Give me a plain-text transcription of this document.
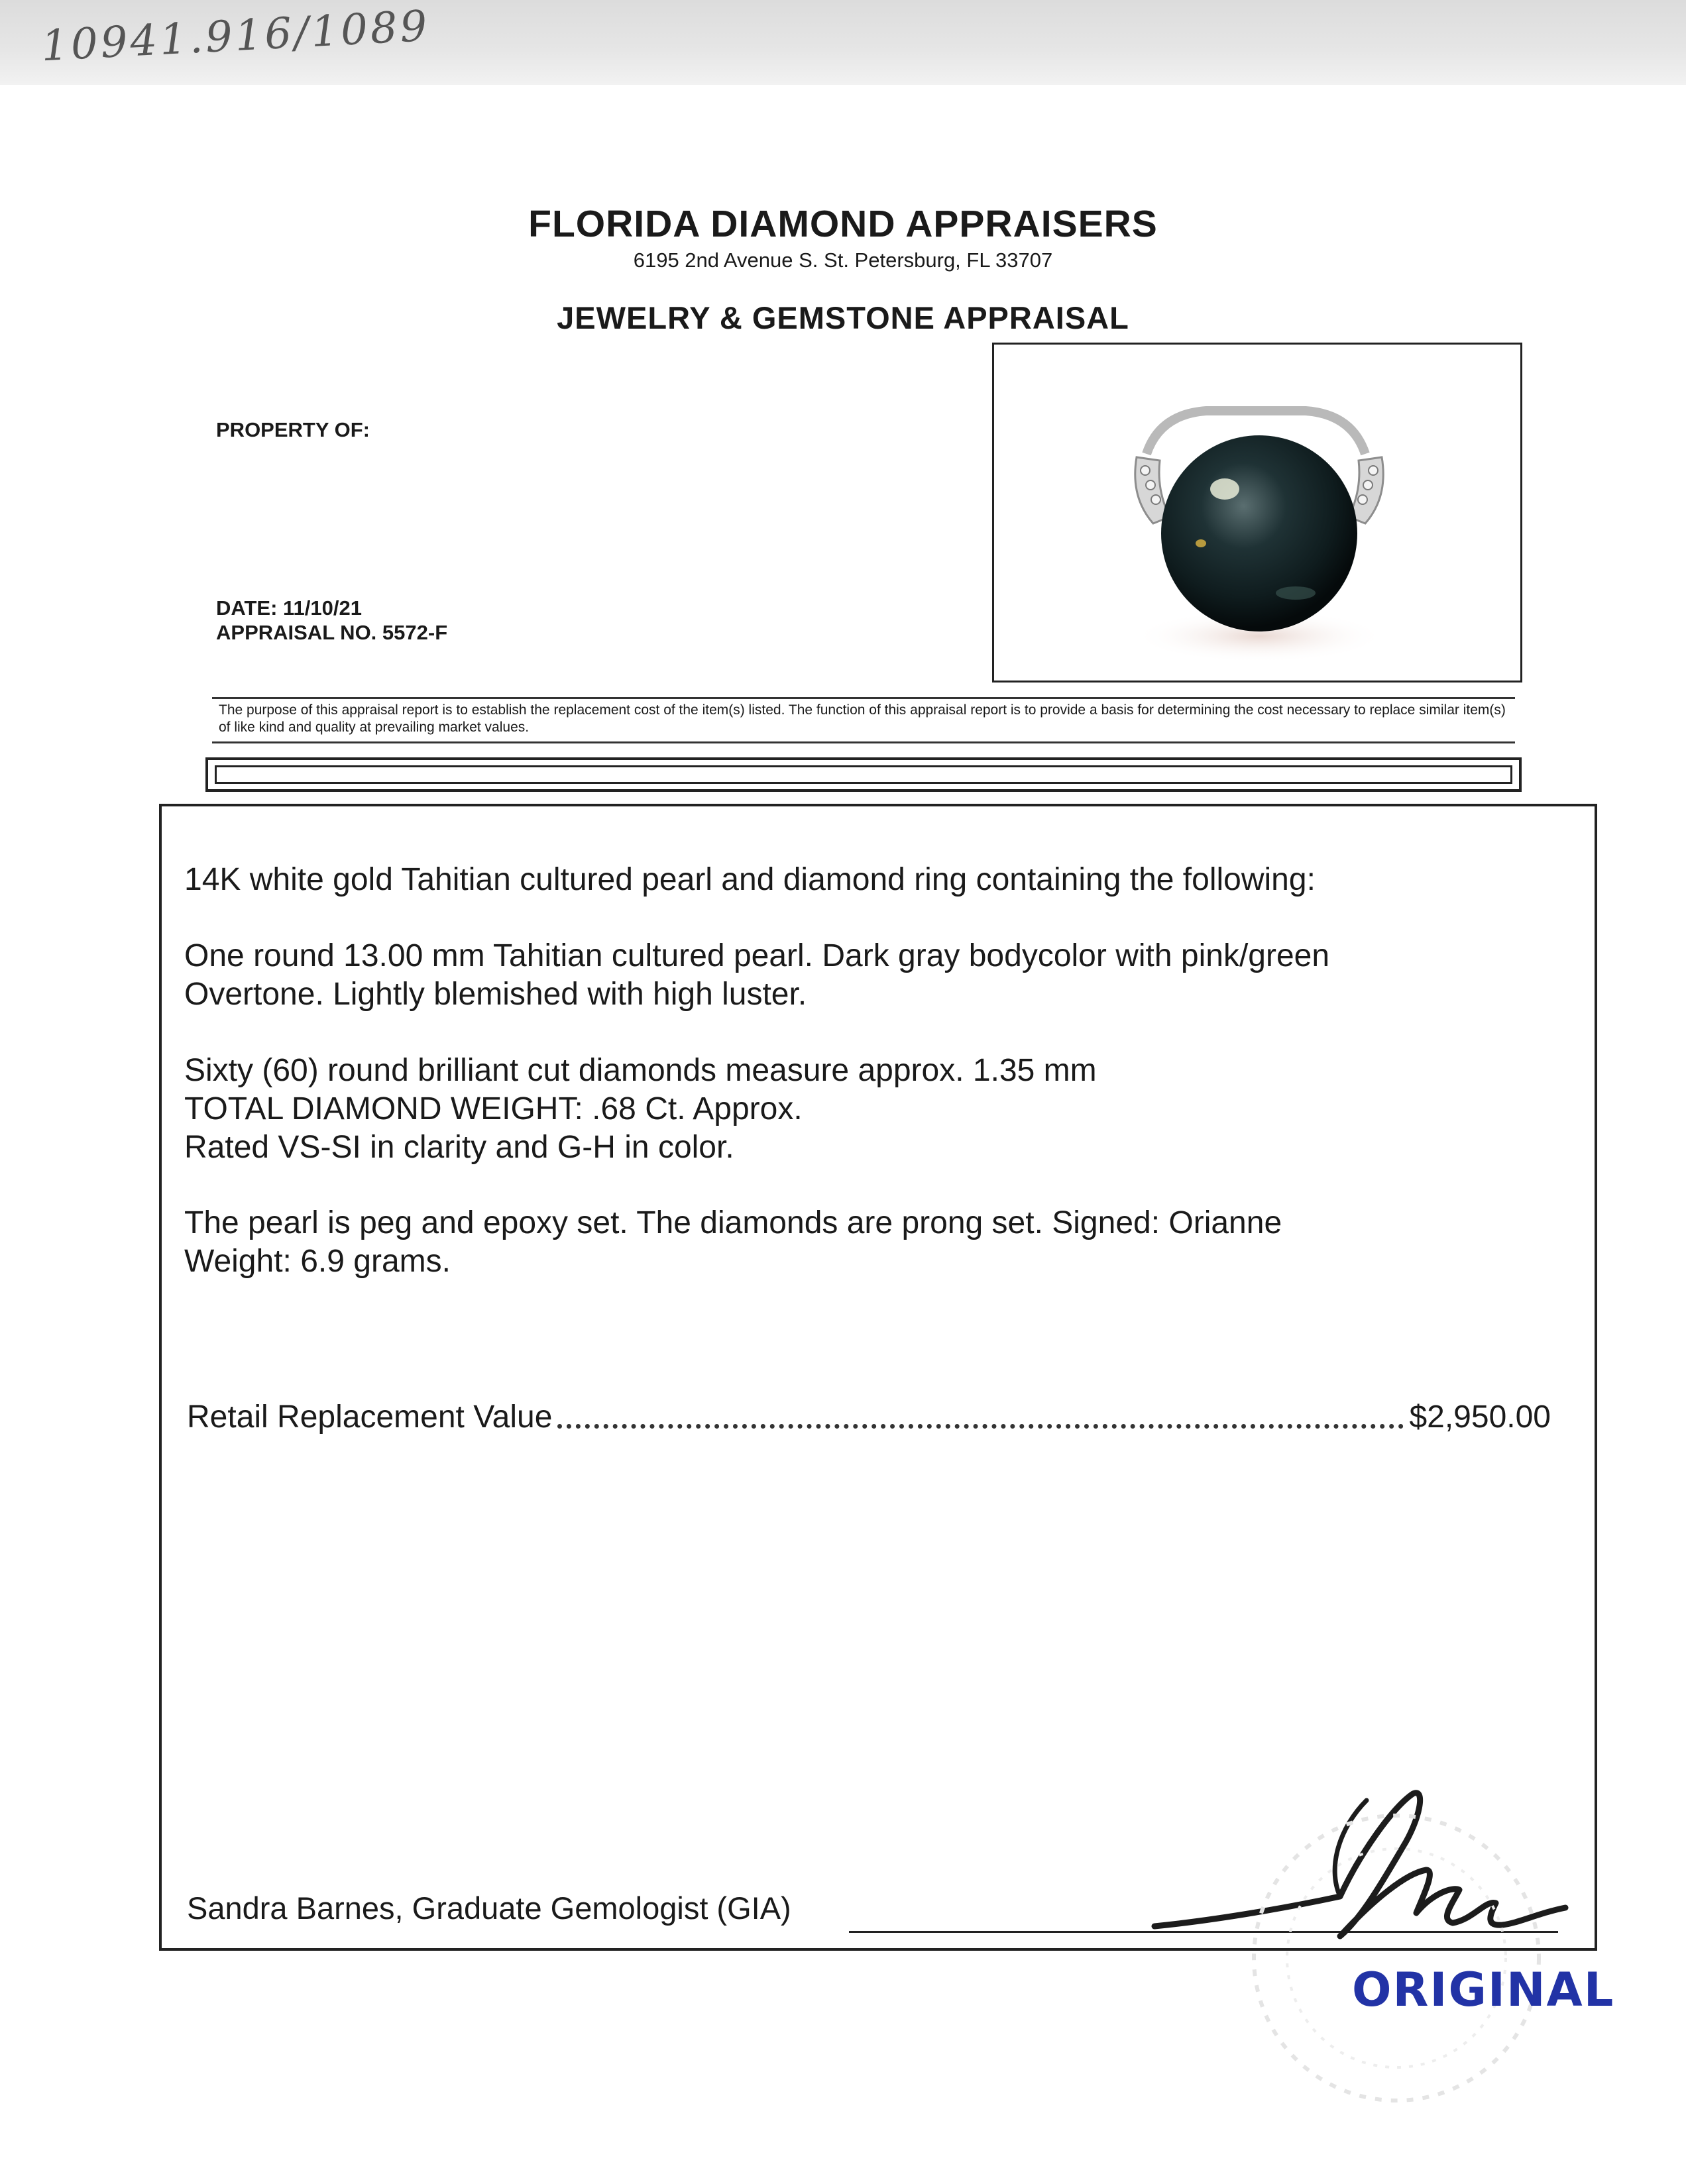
10941.916/1089
FLORIDA DIAMOND APPRAISERS
6195 2nd Avenue S. St. Petersburg, FL 33707
JEWELRY & GEMSTONE APPRAISAL
PROPERTY OF:
DATE: 11/10/21
APPRAISAL NO. 5572-F
The purpose of this appraisal report is to establish the replacement cost of the item(s) listed. The function of this appraisal report is to provide a basis for determining the cost necessary to replace similar item(s) of like kind and quality at prevailing market values.
14K white gold Tahitian cultured pearl and diamond ring containing the following:
One round 13.00 mm Tahitian cultured pearl. Dark gray bodycolor with pink/green
Overtone. Lightly blemished with high luster.
Sixty (60) round brilliant cut diamonds measure approx. 1.35 mm
TOTAL DIAMOND WEIGHT: .68 Ct. Approx.
Rated VS-SI in clarity and G-H in color.
The pearl is peg and epoxy set. The diamonds are prong set. Signed: Orianne
Weight: 6.9 grams.
Retail Replacement Value	$2,950.00
Sandra Barnes, Graduate Gemologist (GIA)
ORIGINAL
